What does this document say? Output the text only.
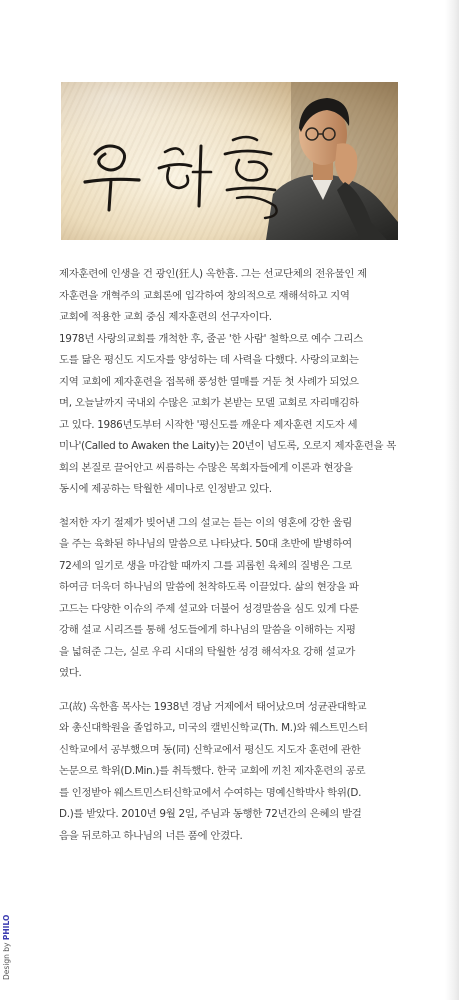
제자훈련에 인생을 건 광인(狂人) 옥한흠. 그는 선교단체의 전유물인 제
자훈련을 개혁주의 교회론에 입각하여 창의적으로 재해석하고 지역
교회에 적용한 교회 중심 제자훈련의 선구자이다.
1978년 사랑의교회를 개척한 후, 줄곧 '한 사람' 철학으로 예수 그리스
도를 닮은 평신도 지도자를 양성하는 데 사력을 다했다. 사랑의교회는
지역 교회에 제자훈련을 접목해 풍성한 열매를 거둔 첫 사례가 되었으
며, 오늘날까지 국내외 수많은 교회가 본받는 모델 교회로 자리매김하
고 있다. 1986년도부터 시작한 '평신도를 깨운다 제자훈련 지도자 세
미나'(Called to Awaken the Laity)는 20년이 넘도록, 오로지 제자훈련을 목
회의 본질로 끌어안고 씨름하는 수많은 목회자들에게 이론과 현장을
동시에 제공하는 탁월한 세미나로 인정받고 있다.

철저한 자기 절제가 빚어낸 그의 설교는 듣는 이의 영혼에 강한 울림
을 주는 육화된 하나님의 말씀으로 나타났다. 50대 초반에 발병하여
72세의 일기로 생을 마감할 때까지 그를 괴롭힌 육체의 질병은 그로
하여금 더욱더 하나님의 말씀에 천착하도록 이끌었다. 삶의 현장을 파
고드는 다양한 이슈의 주제 설교와 더불어 성경말씀을 심도 있게 다룬
강해 설교 시리즈를 통해 성도들에게 하나님의 말씀을 이해하는 지평
을 넓혀준 그는, 실로 우리 시대의 탁월한 성경 해석자요 강해 설교가
였다.

고(故) 옥한흠 목사는 1938년 경남 거제에서 태어났으며 성균관대학교
와 총신대학원을 졸업하고, 미국의 캘빈신학교(Th. M.)와 웨스트민스터
신학교에서 공부했으며 동(同) 신학교에서 평신도 지도자 훈련에 관한
논문으로 학위(D.Min.)를 취득했다. 한국 교회에 끼친 제자훈련의 공로
를 인정받아 웨스트민스터신학교에서 수여하는 명예신학박사 학위(D.
D.)를 받았다. 2010년 9월 2일, 주님과 동행한 72년간의 은혜의 발걸
음을 뒤로하고 하나님의 너른 품에 안겼다.

Design by PHILO
